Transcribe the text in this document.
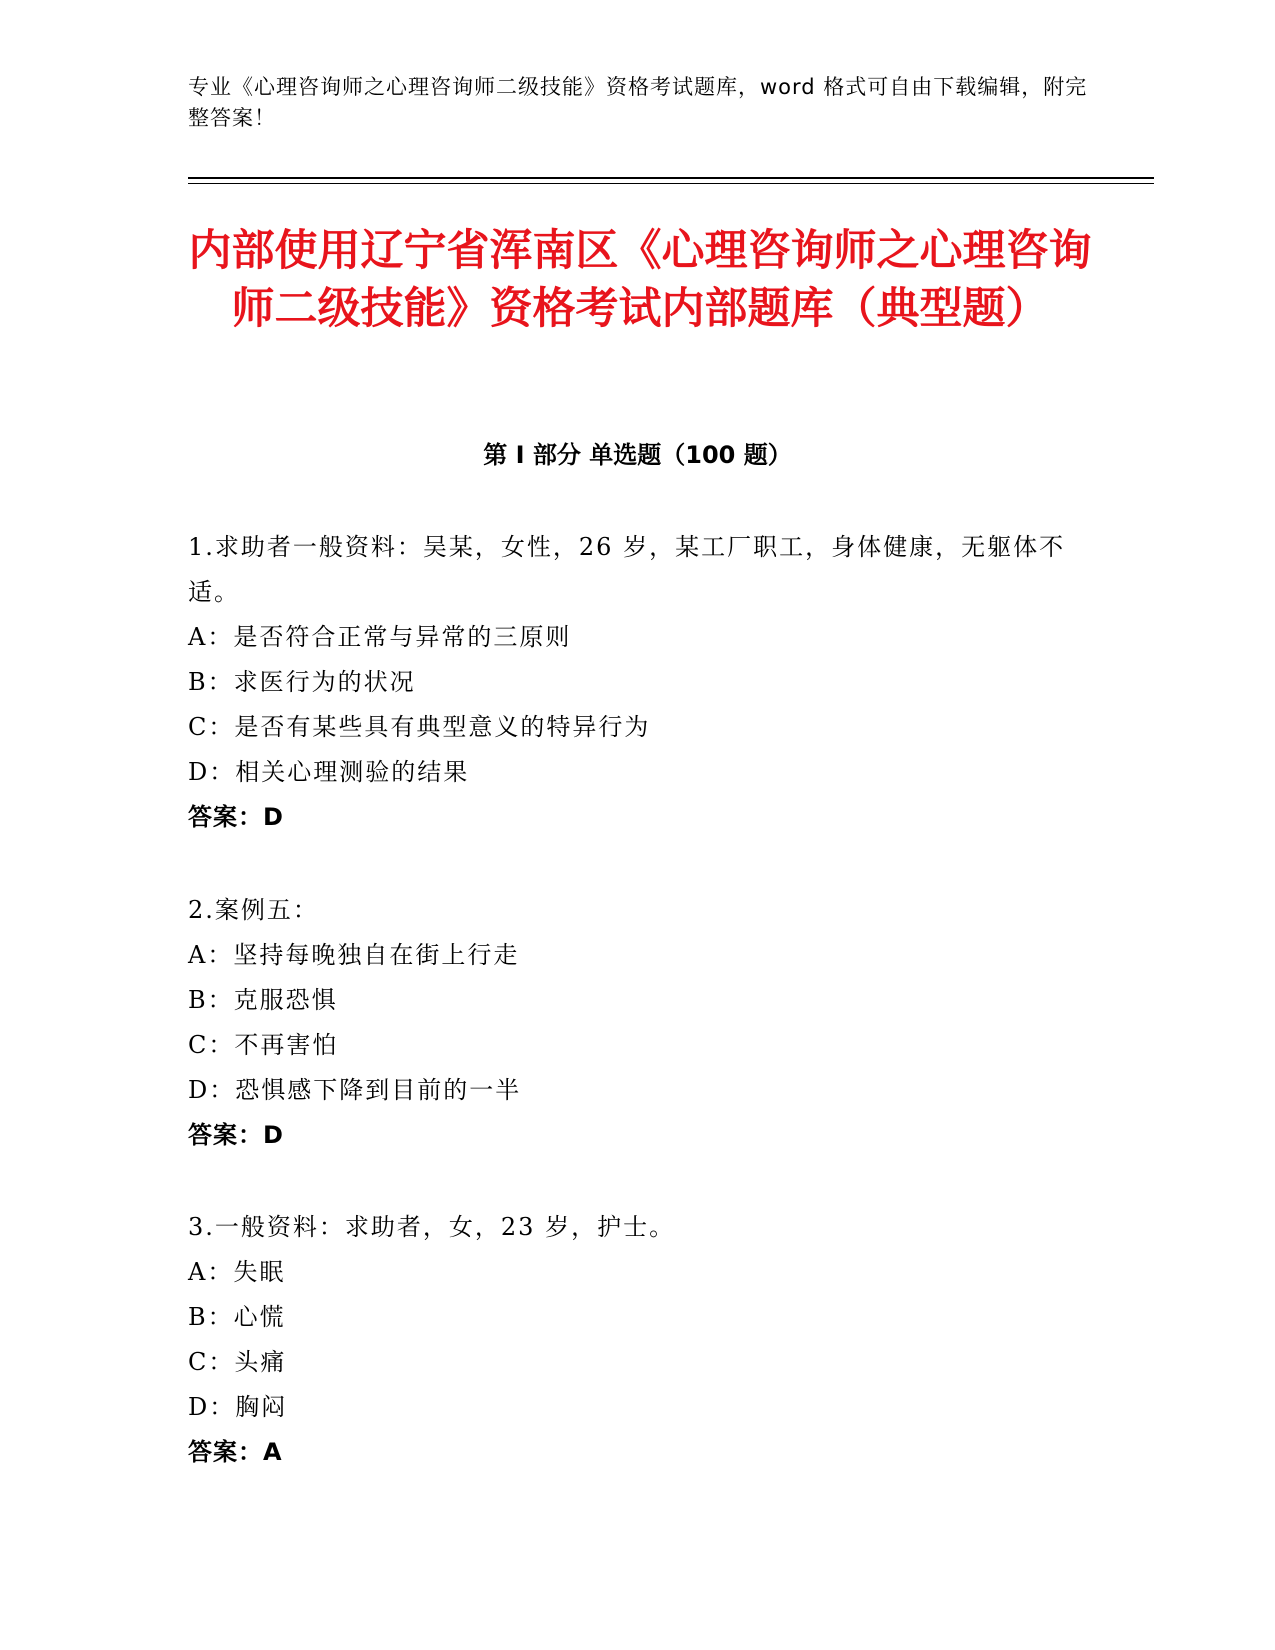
专业《心理咨询师之心理咨询师二级技能》资格考试题库，word 格式可自由下载编辑，附完整答案！
内部使用辽宁省浑南区《心理咨询师之心理咨询师二级技能》资格考试内部题库（典型题）
第 I 部分 单选题（100 题）

1.求助者一般资料：吴某，女性，26 岁，某工厂职工，身体健康，无躯体不适。

A：是否符合正常与异常的三原则

B：求医行为的状况

C：是否有某些具有典型意义的特异行为

D：相关心理测验的结果

答案：D

2.案例五：

A：坚持每晚独自在街上行走

B：克服恐惧

C：不再害怕

D：恐惧感下降到目前的一半

答案：D

3.一般资料：求助者，女，23 岁，护士。

A：失眠

B：心慌

C：头痛

D：胸闷

答案：A
